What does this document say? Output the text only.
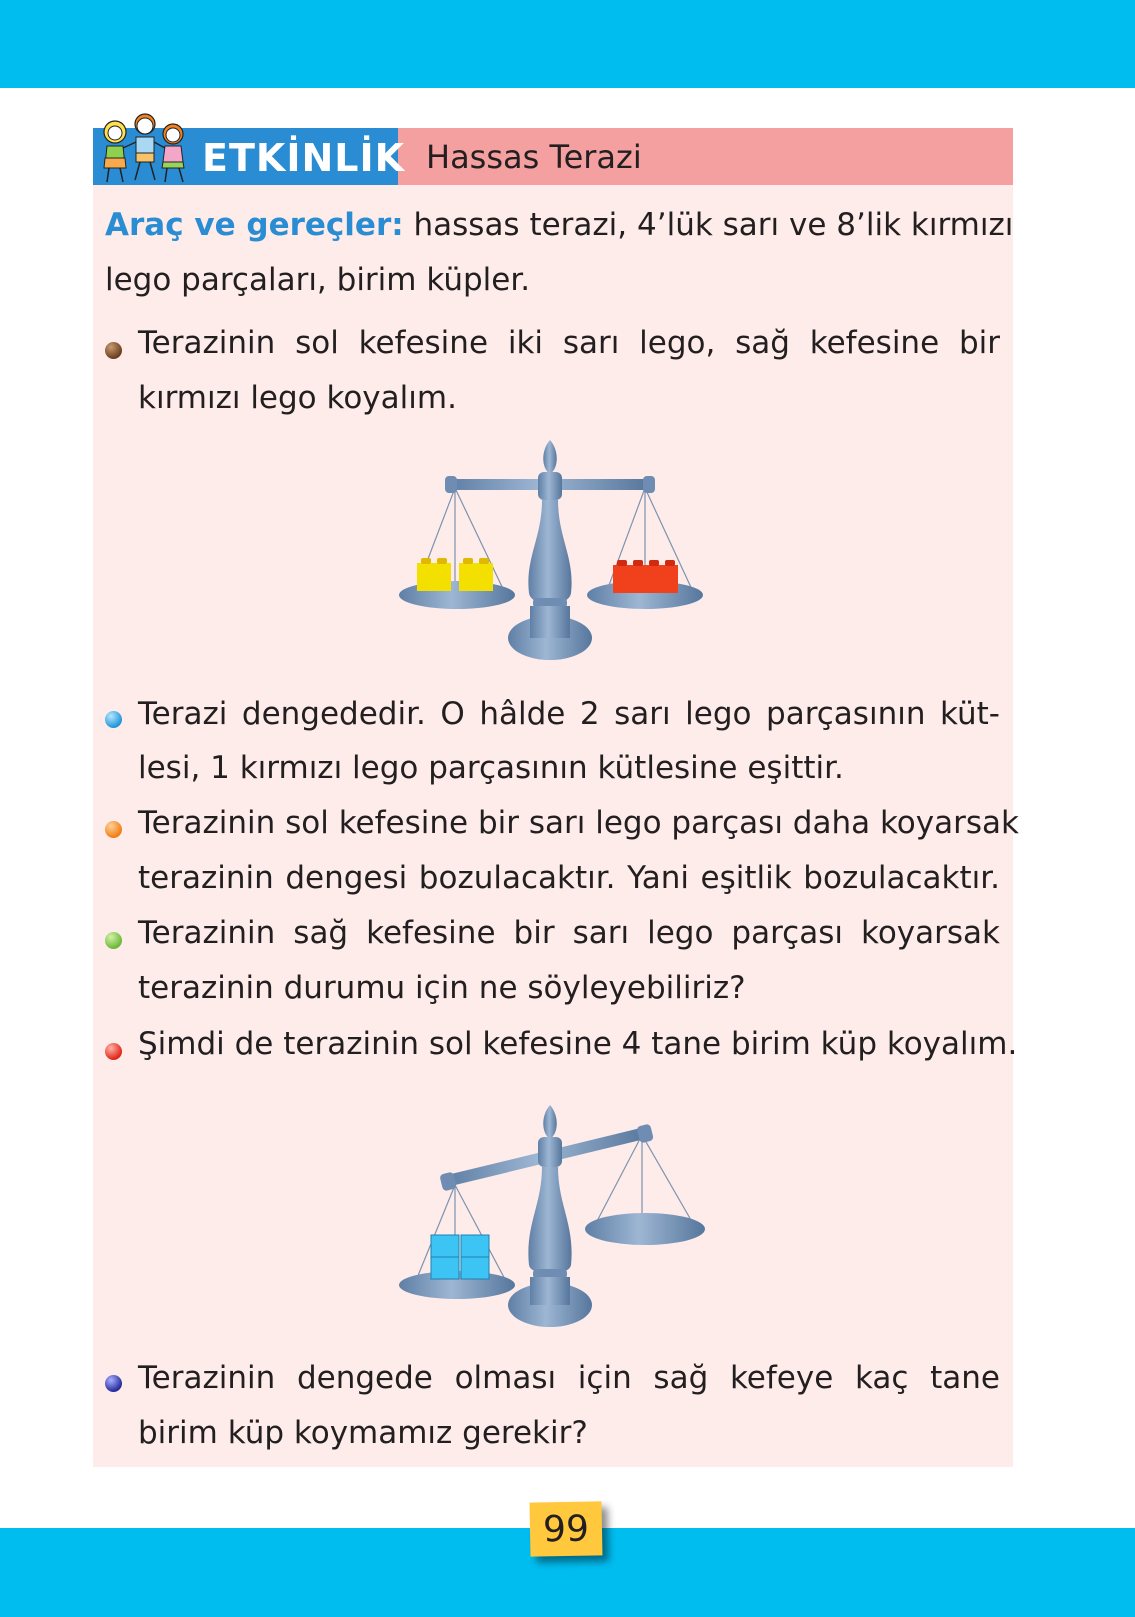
ETKİNLİK Hassas Terazi
Araç ve gereçler: hassas terazi, 4’lük sarı ve 8’lik kırmızı
lego parçaları, birim küpler.
Terazinin sol kefesine iki sarı lego, sağ kefesine bir
kırmızı lego koyalım.
Terazi dengededir. O hâlde 2 sarı lego parçasının küt-
lesi, 1 kırmızı lego parçasının kütlesine eşittir.
Terazinin sol kefesine bir sarı lego parçası daha koyarsak
terazinin dengesi bozulacaktır. Yani eşitlik bozulacaktır.
Terazinin sağ kefesine bir sarı lego parçası koyarsak
terazinin durumu için ne söyleyebiliriz?
Şimdi de terazinin sol kefesine 4 tane birim küp koyalım.
Terazinin dengede olması için sağ kefeye kaç tane
birim küp koymamız gerekir?
99
